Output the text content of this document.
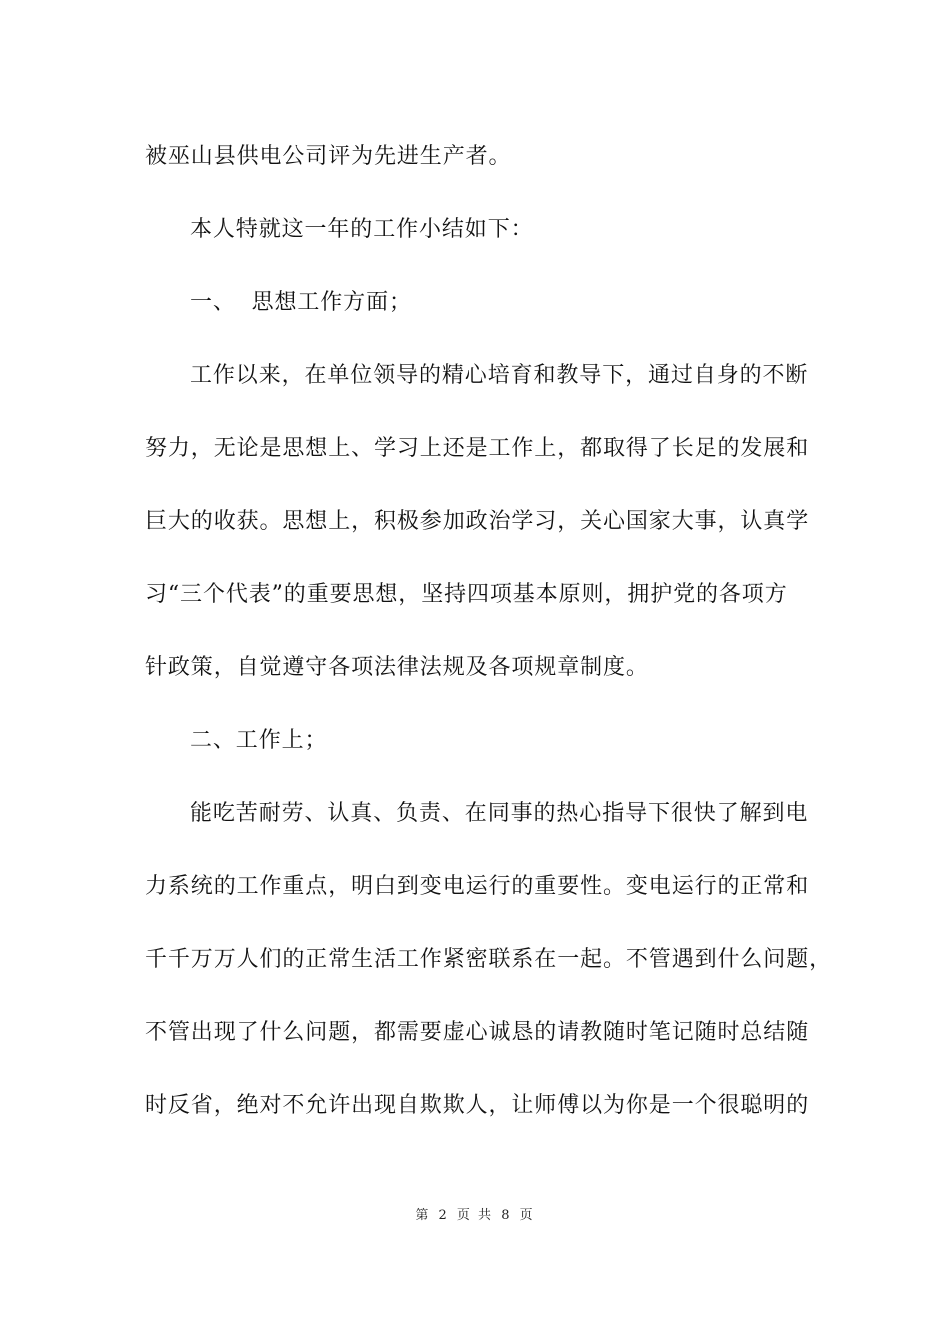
被巫山县供电公司评为先进生产者。
本人特就这一年的工作小结如下：
一、  思想工作方面；
工作以来，在单位领导的精心培育和教导下，通过自身的不断
努力，无论是思想上、学习上还是工作上，都取得了长足的发展和
巨大的收获。思想上，积极参加政治学习，关心国家大事，认真学
习“三个代表”的重要思想，坚持四项基本原则，拥护党的各项方
针政策，自觉遵守各项法律法规及各项规章制度。
二、工作上；
能吃苦耐劳、认真、负责、在同事的热心指导下很快了解到电
力系统的工作重点，明白到变电运行的重要性。变电运行的正常和
千千万万人们的正常生活工作紧密联系在一起。不管遇到什么问题，
不管出现了什么问题，都需要虚心诚恳的请教随时笔记随时总结随
时反省，绝对不允许出现自欺欺人，让师傅以为你是一个很聪明的
第 2 页 共 8 页
